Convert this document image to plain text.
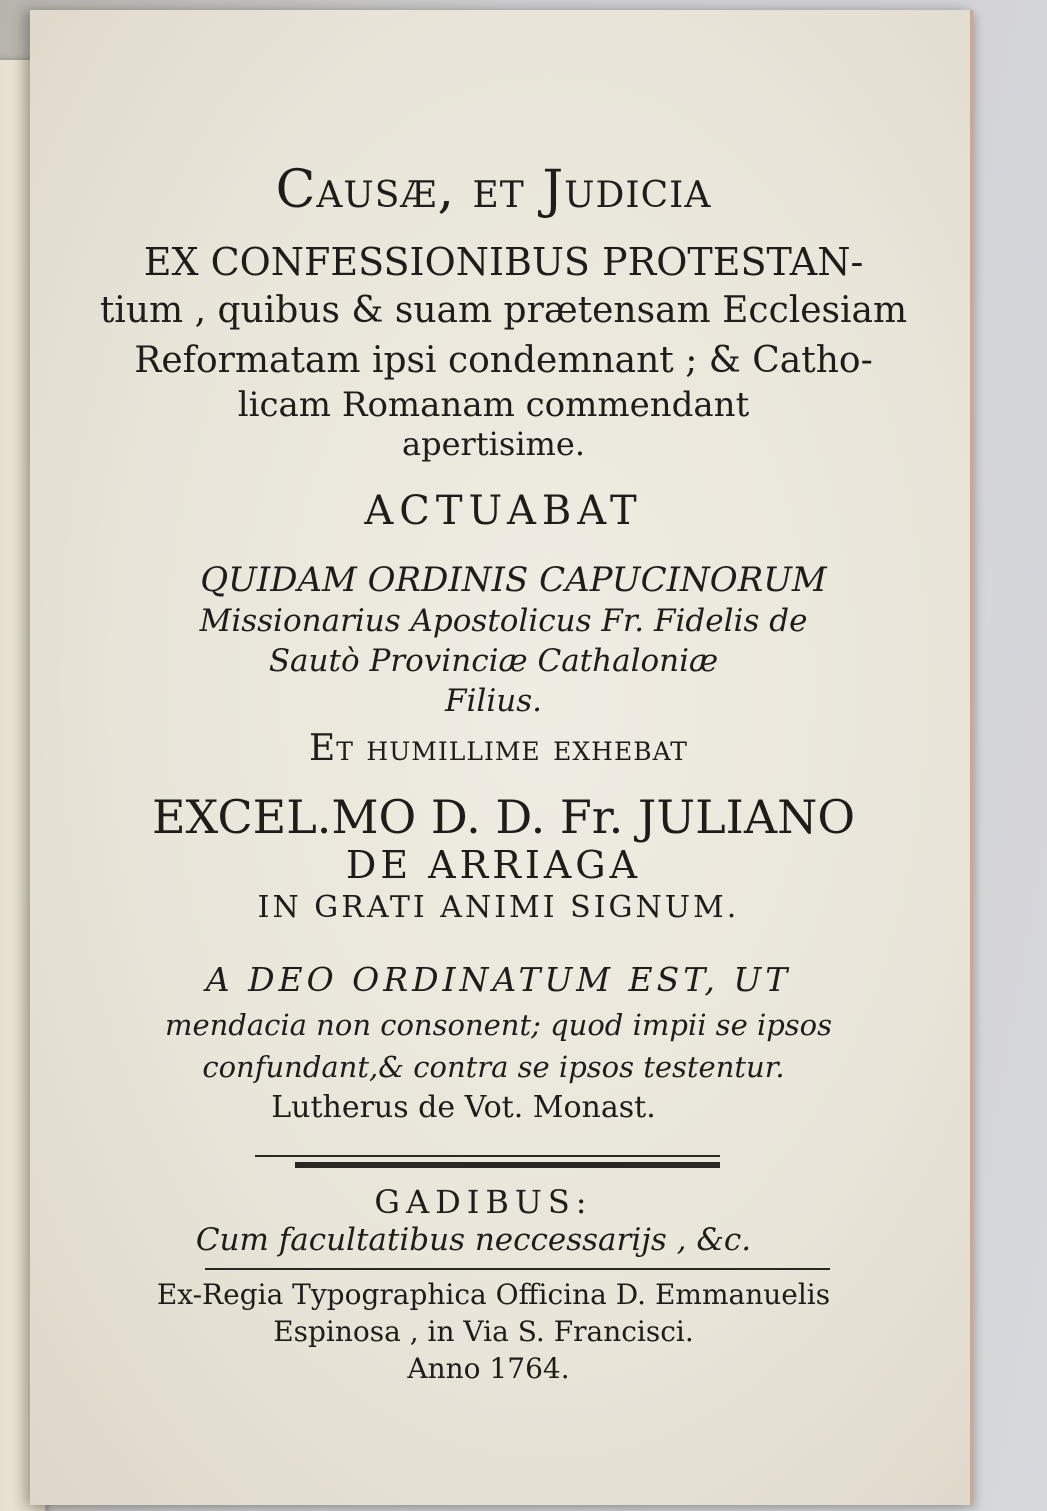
Causæ, et Judicia
EX CONFESSIONIBUS PROTESTAN-
tium , quibus & suam prætensam Ecclesiam
Reformatam ipsi condemnant ; & Catho-
licam Romanam commendant
apertisime.
ACTUABAT
QUIDAM ORDINIS CAPUCINORUM
Missionarius Apostolicus Fr. Fidelis de
Sautò Provinciæ Cathaloniæ
Filius.
Et humillime exhebat
EXCEL.MO D. D. Fr. JULIANO
DE ARRIAGA
IN GRATI ANIMI SIGNUM.
A DEO ORDINATUM EST, UT
mendacia non consonent; quod impii se ipsos
confundant,& contra se ipsos testentur.
Lutherus de Vot. Monast.
GADIBUS:
Cum facultatibus neccessarijs , &c.
Ex-Regia Typographica Officina D. Emmanuelis
Espinosa , in Via S. Francisci.
Anno 1764.
